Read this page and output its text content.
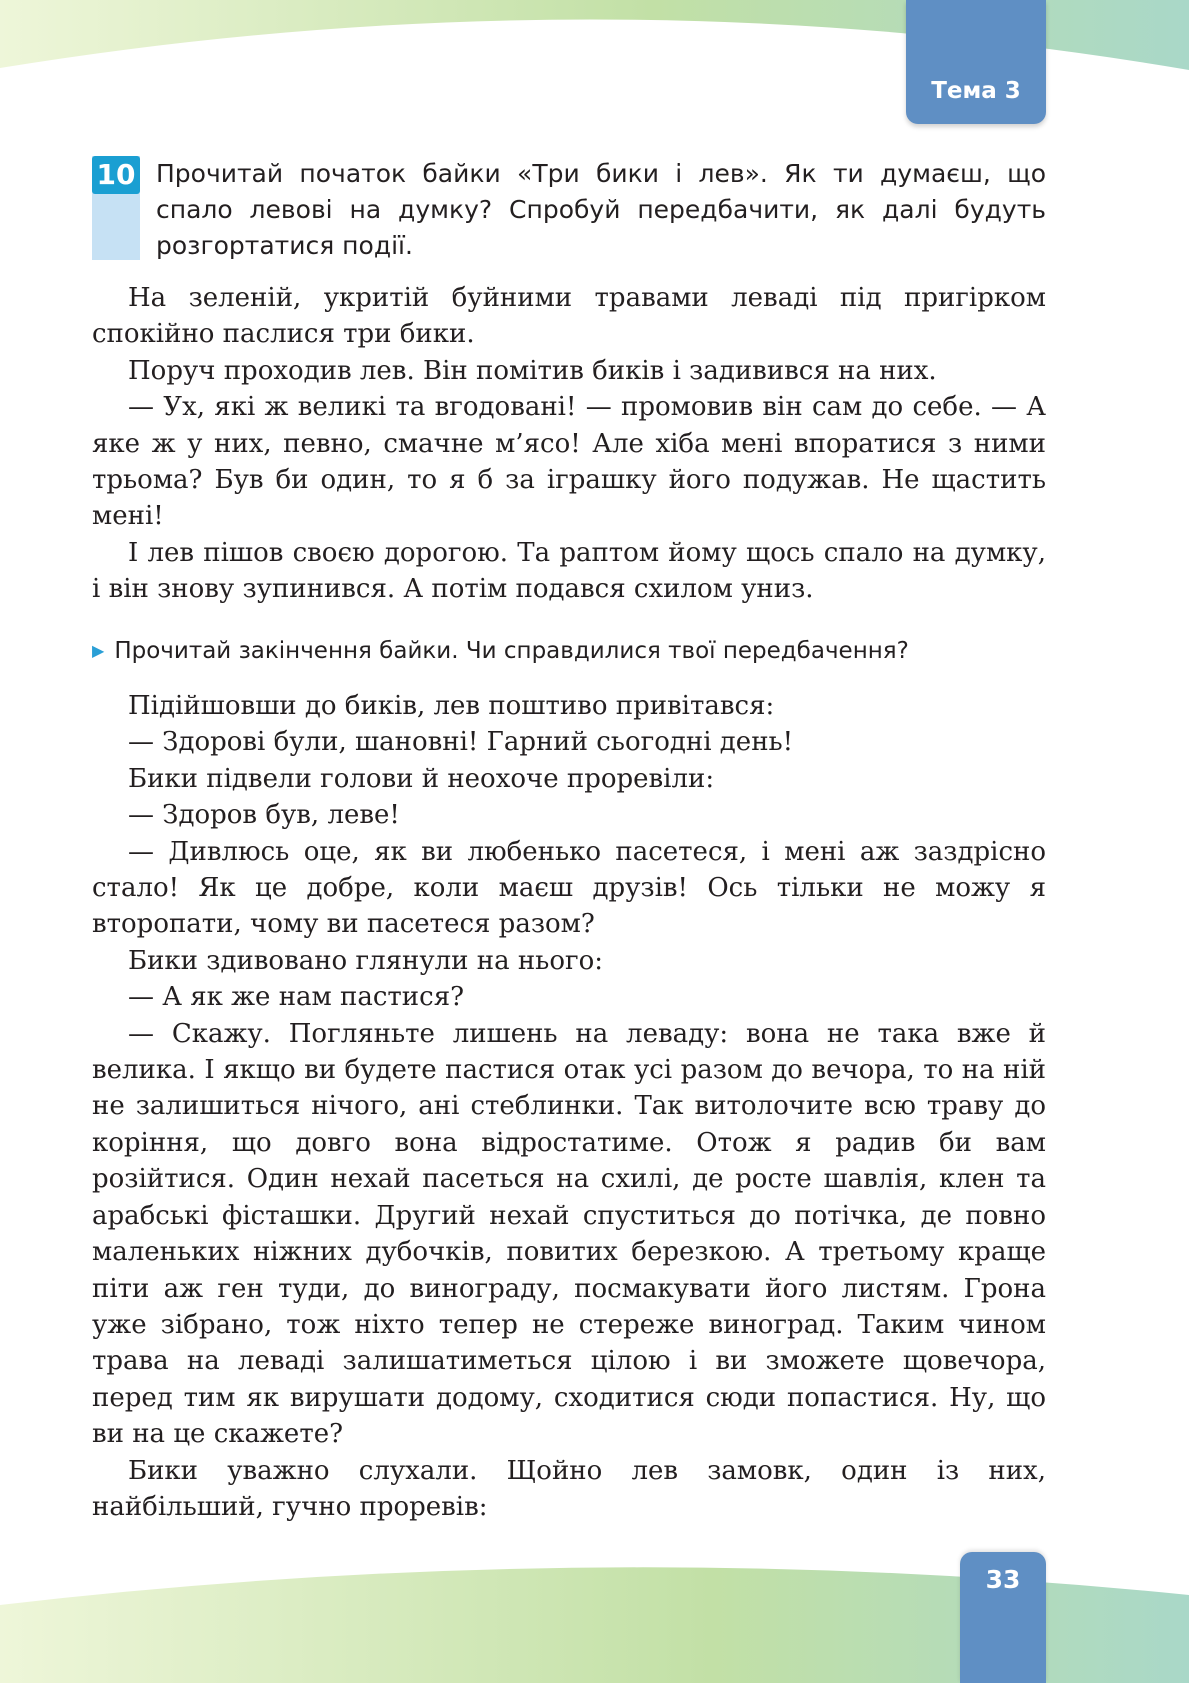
Тема 3
10 Прочитай початок байки «Три бики і лев». Як ти думаєш, що спало левові на думку? Спробуй передбачити, як далі будуть розгортатися події.

На зеленій, укритій буйними травами леваді під пригірком спокійно паслися три бики.

Поруч проходив лев. Він помітив биків і задивився на них.

— Ух, які ж великі та вгодовані! — промовив він сам до себе. — А яке ж у них, певно, смачне м’ясо! Але хіба мені впоратися з ними трьома? Був би один, то я б за іграшку його подужав. Не щастить мені!

І лев пішов своєю дорогою. Та раптом йому щось спало на думку, і він знову зупинився. А потім подався схилом униз.

▶ Прочитай закінчення байки. Чи справдилися твої передбачення?

Підійшовши до биків, лев поштиво привітався:

— Здорові були, шановні! Гарний сьогодні день!

Бики підвели голови й неохоче проревіли:

— Здоров був, леве!

— Дивлюсь оце, як ви любенько пасетеся, і мені аж заздрісно стало! Як це добре, коли маєш друзів! Ось тільки не можу я второпати, чому ви пасетеся разом?

Бики здивовано глянули на нього:

— А як же нам пастися?

— Скажу. Погляньте лишень на леваду: вона не така вже й велика. І якщо ви будете пастися отак усі разом до вечора, то на ній не залишиться нічого, ані стеблинки. Так витолочите всю траву до коріння, що довго вона відростатиме. Отож я радив би вам розійтися. Один нехай пасеться на схилі, де росте шавлія, клен та арабські фісташки. Другий нехай спуститься до потічка, де повно маленьких ніжних дубочків, повитих березкою. А третьому краще піти аж ген туди, до винограду, посмакувати його листям. Грона уже зібрано, тож ніхто тепер не стереже виноград. Таким чином трава на леваді залишатиметься цілою і ви зможете щовечора, перед тим як вирушати додому, сходитися сюди попастися. Ну, що ви на це скажете?

Бики уважно слухали. Щойно лев замовк, один із них, найбільший, гучно проревів:

33
